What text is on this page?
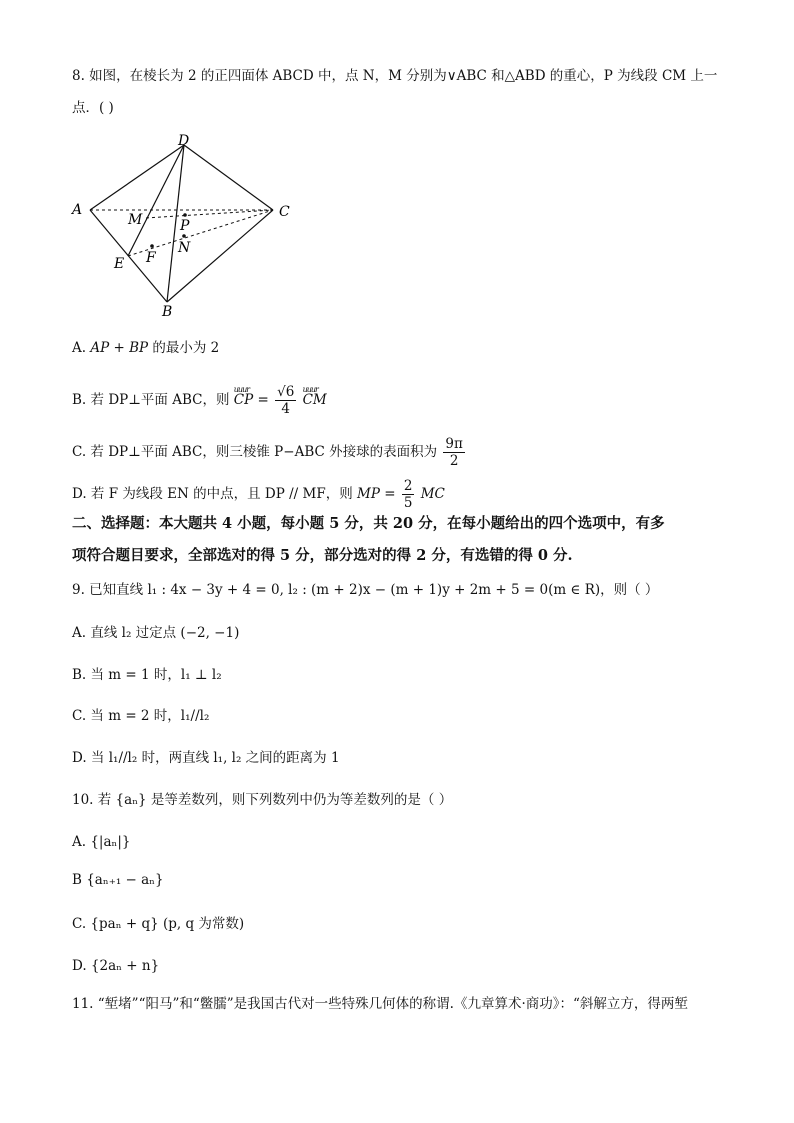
8. 如图，在棱长为 2 的正四面体 ABCD 中，点 N，M 分别为∨ABC 和△ABD 的重心，P 为线段 CM 上一
点．( )
D
A	C
M	P
N
F
E
B
A. AP + BP 的最小为 2
B. 若 DP⊥平面 ABC，则
uuur
CP = $\frac{√6}{4}$
uuur
CM
C. 若 DP⊥平面 ABC，则三棱锥 P−ABC 外接球的表面积为 $\frac{9\pi}{2}$
D. 若 F 为线段 EN 的中点，且 DP // MF，则 MP = $\frac{2}{5}$ MC
二、选择题：本大题共 4 小题，每小题 5 分，共 20 分，在每小题给出的四个选项中，有多
项符合题目要求，全部选对的得 5 分，部分选对的得 2 分，有选错的得 0 分.
9. 已知直线 l₁ : 4x − 3y + 4 = 0, l₂ : (m + 2)x − (m + 1)y + 2m + 5 = 0(m ∈ R)，则（ ）
A. 直线 l₂ 过定点 (−2, −1)
B. 当 m = 1 时，l₁ ⊥ l₂
C. 当 m = 2 时，l₁//l₂
D. 当 l₁//l₂ 时，两直线 l₁, l₂ 之间的距离为 1
10. 若 {aₙ} 是等差数列，则下列数列中仍为等差数列的是（ ）
A. {|aₙ|}
B {aₙ₊₁ − aₙ}
C. {paₙ + q} (p, q 为常数)
D. {2aₙ + n}
11. “堑堵”“阳马”和“鳖臑”是我国古代对一些特殊几何体的称谓.《九章算术·商功》：“斜解立方，得两堑
